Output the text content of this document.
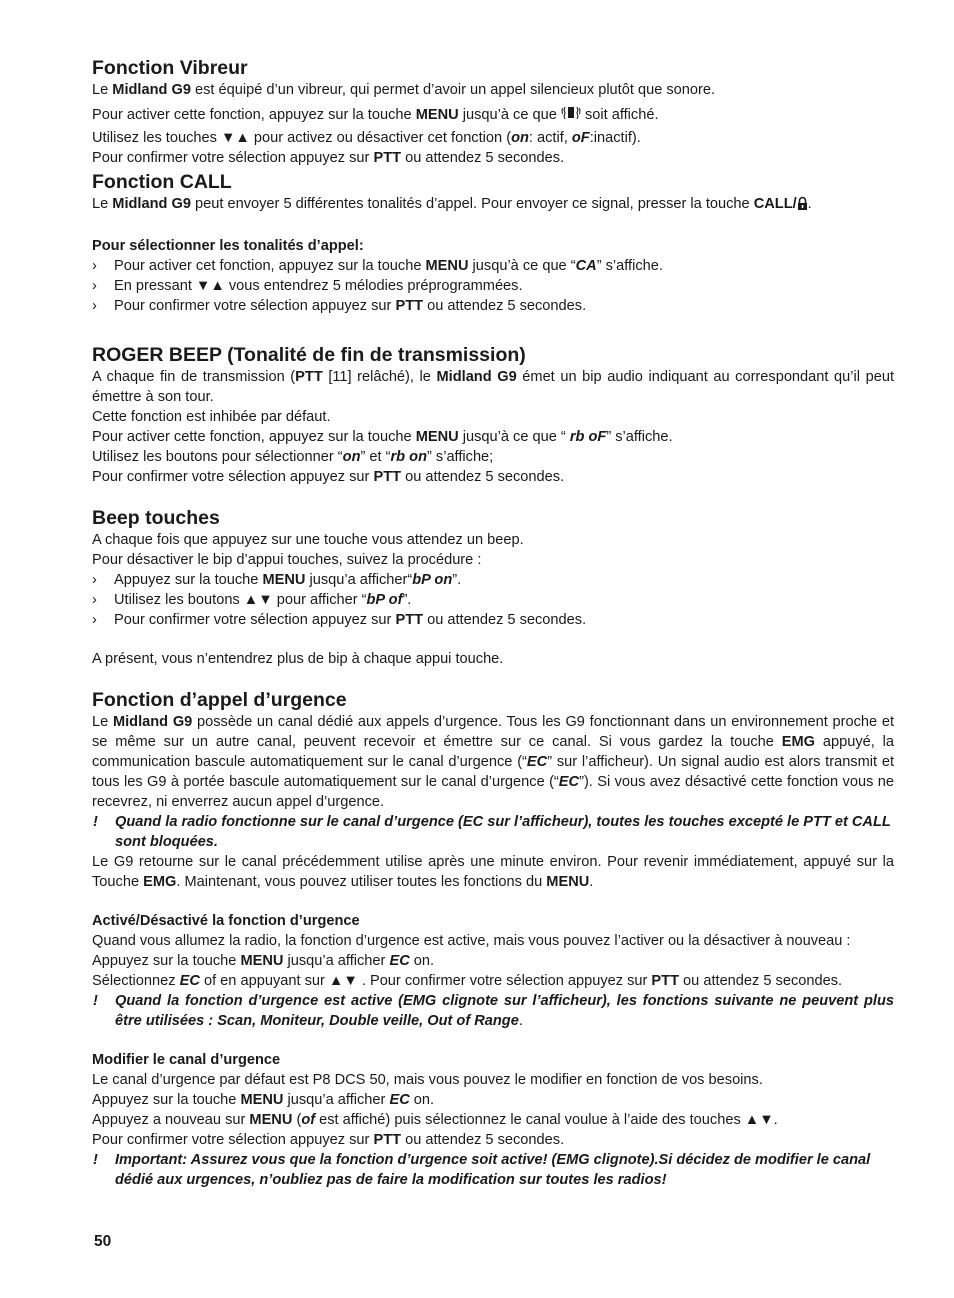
Fonction Vibreur

Le Midland G9 est équipé d’un vibreur, qui permet d’avoir un appel silencieux plutôt que sonore.

Pour activer cette fonction, appuyez sur la touche MENU jusqu’à ce que  soit affiché.

Utilisez les touches ▼▲ pour activez ou désactiver cet fonction (on: actif, oF:inactif).

Pour confirmer votre sélection appuyez sur PTT ou attendez 5 secondes.

Fonction CALL

Le Midland G9 peut envoyer 5 différentes tonalités d’appel. Pour envoyer ce signal, presser la touche CALL/ .

Pour sélectionner les tonalités d’appel:

› Pour activer cet fonction, appuyez sur la touche MENU jusqu’à ce que “CA” s’affiche.

› En pressant ▼▲ vous entendrez 5 mélodies préprogrammées.

› Pour confirmer votre sélection appuyez sur PTT ou attendez 5 secondes.

ROGER BEEP (Tonalité de fin de transmission)

A chaque fin de transmission (PTT [11] relâché), le Midland G9 émet un bip audio indiquant au correspondant qu’il peut émettre à son tour.

Cette fonction est inhibée par défaut.

Pour activer cette fonction, appuyez sur la touche MENU jusqu’à ce que “ rb oF” s’affiche.

Utilisez les boutons pour sélectionner “on” et “rb on” s’affiche;

Pour confirmer votre sélection appuyez sur PTT ou attendez 5 secondes.

Beep touches

A chaque fois que appuyez sur une touche vous attendez un beep.

Pour désactiver le bip d’appui touches, suivez la procédure :

› Appuyez sur la touche MENU jusqu’a afficher“bP on”.

› Utilisez les boutons ▲▼ pour afficher “bP of”.

› Pour confirmer votre sélection appuyez sur PTT ou attendez 5 secondes.

A présent, vous n’entendrez plus de bip à chaque appui touche.

Fonction d’appel d’urgence

Le Midland G9 possède un canal dédié aux appels d’urgence. Tous les G9 fonctionnant dans un environnement proche et se même sur un autre canal, peuvent recevoir et émettre sur ce canal. Si vous gardez la touche EMG appuyé, la communication bascule automatiquement sur le canal d’urgence (“EC” sur l’afficheur). Un signal audio est alors transmit et tous les G9 à portée bascule automatiquement sur le canal d’urgence (“EC”). Si vous avez désactivé cette fonction vous ne recevrez, ni enverrez aucun appel d’urgence.

! Quand la radio fonctionne sur le canal d’urgence (EC sur l’afficheur), toutes les touches excepté le PTT et CALL sont bloquées.

Le G9 retourne sur le canal précédemment utilise après une minute environ. Pour revenir immédiatement, appuyé sur la Touche EMG. Maintenant, vous pouvez utiliser toutes les fonctions du MENU.

Activé/Désactivé la fonction d’urgence

Quand vous allumez la radio, la fonction d’urgence est active, mais vous pouvez l’activer ou la désactiver à nouveau :

Appuyez sur la touche MENU jusqu’a afficher EC on.

Sélectionnez EC of en appuyant sur ▲▼ . Pour confirmer votre sélection appuyez sur PTT ou attendez 5 secondes.

! Quand la fonction d’urgence est active (EMG clignote sur l’afficheur), les fonctions suivante ne peuvent plus être utilisées : Scan, Moniteur, Double veille, Out of Range.

Modifier le canal d’urgence

Le canal d’urgence par défaut est P8 DCS 50, mais vous pouvez le modifier en fonction de vos besoins.

Appuyez sur la touche MENU jusqu’a afficher EC on.

Appuyez a nouveau sur MENU (of est affiché) puis sélectionnez le canal voulue à l’aide des touches ▲▼.

Pour confirmer votre sélection appuyez sur PTT ou attendez 5 secondes.

! Important: Assurez vous que la fonction d’urgence soit active! (EMG clignote).Si décidez de modifier le canal dédié aux urgences, n’oubliez pas de faire la modification sur toutes les radios!

50
